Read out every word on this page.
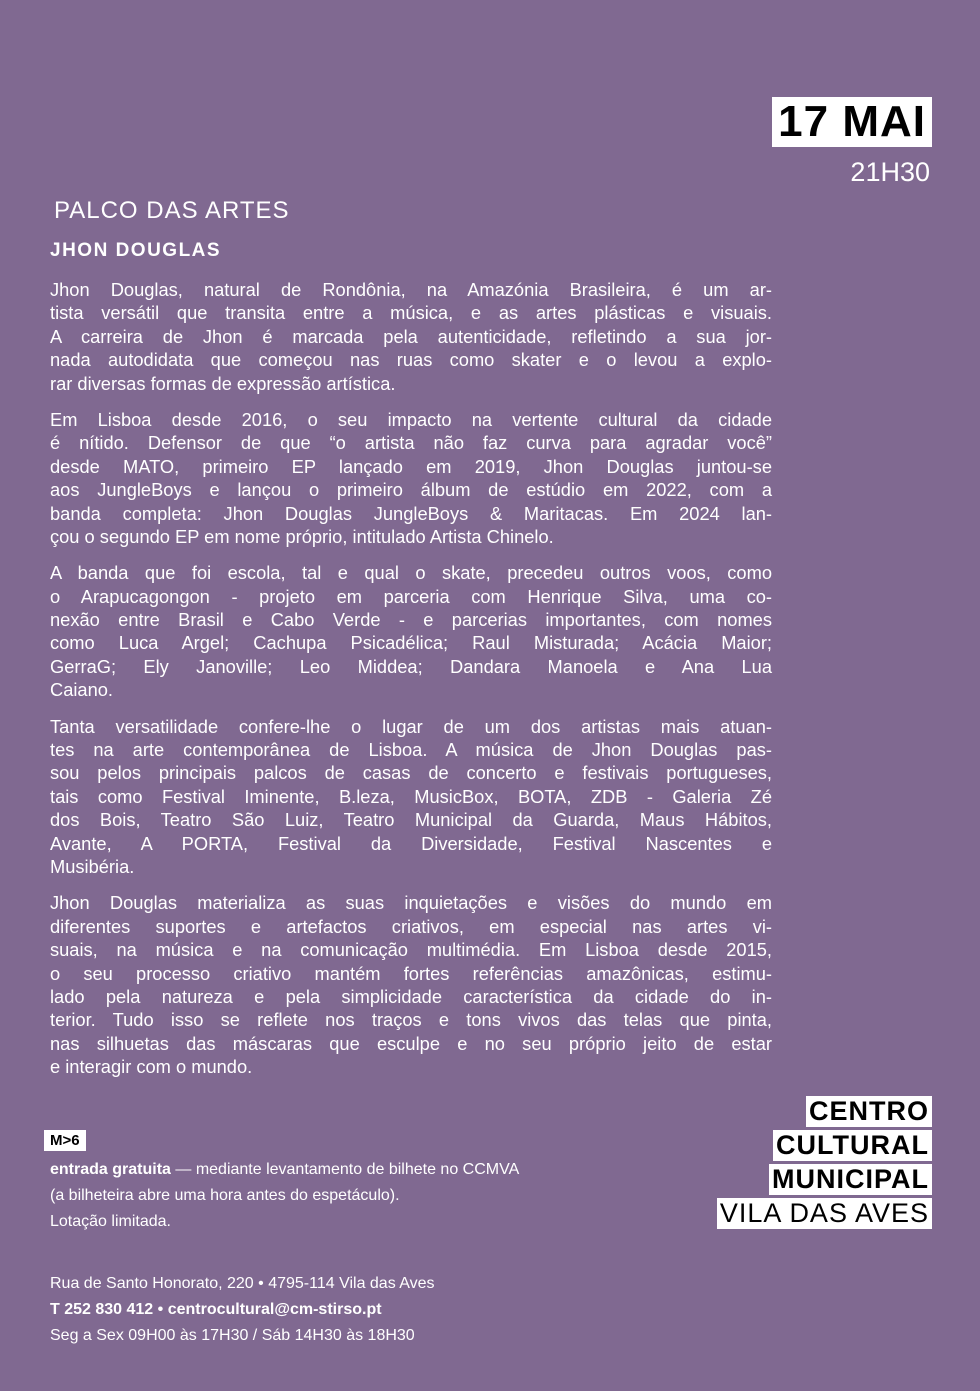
17 MAI
21H30
PALCO DAS ARTES
JHON DOUGLAS
Jhon Douglas, natural de Rondônia, na Amazónia Brasileira, é um ar-
tista versátil que transita entre a música, e as artes plásticas e visuais.
A carreira de Jhon é marcada pela autenticidade, refletindo a sua jor-
nada autodidata que começou nas ruas como skater e o levou a explo-
rar diversas formas de expressão artística.
Em Lisboa desde 2016, o seu impacto na vertente cultural da cidade
é nítido. Defensor de que “o artista não faz curva para agradar você”
desde MATO, primeiro EP lançado em 2019, Jhon Douglas juntou-se
aos JungleBoys e lançou o primeiro álbum de estúdio em 2022, com a
banda completa: Jhon Douglas JungleBoys & Maritacas. Em 2024 lan-
çou o segundo EP em nome próprio, intitulado Artista Chinelo.
A banda que foi escola, tal e qual o skate, precedeu outros voos, como
o Arapucagongon - projeto em parceria com Henrique Silva, uma co-
nexão entre Brasil e Cabo Verde - e parcerias importantes, com nomes
como Luca Argel; Cachupa Psicadélica; Raul Misturada; Acácia Maior;
GerraG; Ely Janoville; Leo Middea; Dandara Manoela e Ana Lua
Caiano.
Tanta versatilidade confere-lhe o lugar de um dos artistas mais atuan-
tes na arte contemporânea de Lisboa. A música de Jhon Douglas pas-
sou pelos principais palcos de casas de concerto e festivais portugueses,
tais como Festival Iminente, B.leza, MusicBox, BOTA, ZDB - Galeria Zé
dos Bois, Teatro São Luiz, Teatro Municipal da Guarda, Maus Hábitos,
Avante, A PORTA, Festival da Diversidade, Festival Nascentes e
Musibéria.
Jhon Douglas materializa as suas inquietações e visões do mundo em
diferentes suportes e artefactos criativos, em especial nas artes vi-
suais, na música e na comunicação multimédia. Em Lisboa desde 2015,
o seu processo criativo mantém fortes referências amazônicas, estimu-
lado pela natureza e pela simplicidade característica da cidade do in-
terior. Tudo isso se reflete nos traços e tons vivos das telas que pinta,
nas silhuetas das máscaras que esculpe e no seu próprio jeito de estar
e interagir com o mundo.
M>6
entrada gratuita — mediante levantamento de bilhete no CCMVA
(a bilheteira abre uma hora antes do espetáculo).
Lotação limitada.
CENTRO
CULTURAL
MUNICIPAL
VILA DAS AVES
Rua de Santo Honorato, 220 • 4795-114 Vila das Aves
T 252 830 412 • centrocultural@cm-stirso.pt
Seg a Sex 09H00 às 17H30 / Sáb 14H30 às 18H30
